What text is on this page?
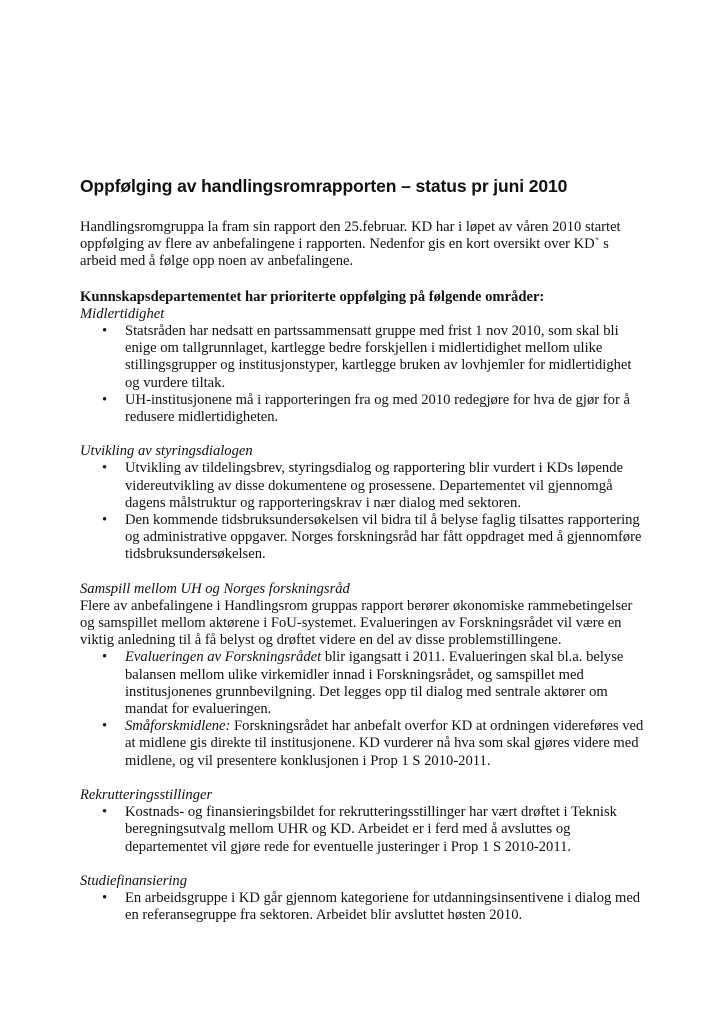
Oppfølging av handlingsromrapporten – status pr juni 2010

Handlingsromgruppa la fram sin rapport den 25.februar. KD har i løpet av våren 2010 startet oppfølging av flere av anbefalingene i rapporten. Nedenfor gis en kort oversikt over KD` s arbeid med å følge opp noen av anbefalingene.

Kunnskapsdepartementet har prioriterte oppfølging på følgende områder:

Midlertidighet

• Statsråden har nedsatt en partssammensatt gruppe med frist 1 nov 2010, som skal bli enige om tallgrunnlaget, kartlegge bedre forskjellen i midlertidighet mellom ulike stillingsgrupper og institusjonstyper, kartlegge bruken av lovhjemler for midlertidighet og vurdere tiltak.
• UH-institusjonene må i rapporteringen fra og med 2010 redegjøre for hva de gjør for å redusere midlertidigheten.

Utvikling av styringsdialogen

• Utvikling av tildelingsbrev, styringsdialog og rapportering blir vurdert i KDs løpende videreutvikling av disse dokumentene og prosessene. Departementet vil gjennomgå dagens målstruktur og rapporteringskrav i nær dialog med sektoren.
• Den kommende tidsbruksundersøkelsen vil bidra til å belyse faglig tilsattes rapportering og administrative oppgaver. Norges forskningsråd har fått oppdraget med å gjennomføre tidsbruksundersøkelsen.

Samspill mellom UH og Norges forskningsråd

Flere av anbefalingene i Handlingsrom gruppas rapport berører økonomiske rammebetingelser og samspillet mellom aktørene i FoU-systemet. Evalueringen av Forskningsrådet vil være en viktig anledning til å få belyst og drøftet videre en del av disse problemstillingene.

• Evalueringen av Forskningsrådet blir igangsatt i 2011. Evalueringen skal bl.a. belyse balansen mellom ulike virkemidler innad i Forskningsrådet, og samspillet med institusjonenes grunnbevilgning. Det legges opp til dialog med sentrale aktører om mandat for evalueringen.
• Småforskmidlene: Forskningsrådet har anbefalt overfor KD at ordningen videreføres ved at midlene gis direkte til institusjonene. KD vurderer nå hva som skal gjøres videre med midlene, og vil presentere konklusjonen i Prop 1 S 2010-2011.

Rekrutteringsstillinger

• Kostnads- og finansieringsbildet for rekrutteringsstillinger har vært drøftet i Teknisk beregningsutvalg mellom UHR og KD. Arbeidet er i ferd med å avsluttes og departementet vil gjøre rede for eventuelle justeringer i Prop 1 S 2010-2011.

Studiefinansiering

• En arbeidsgruppe i KD går gjennom kategoriene for utdanningsinsentivene i dialog med en referansegruppe fra sektoren. Arbeidet blir avsluttet høsten 2010.
